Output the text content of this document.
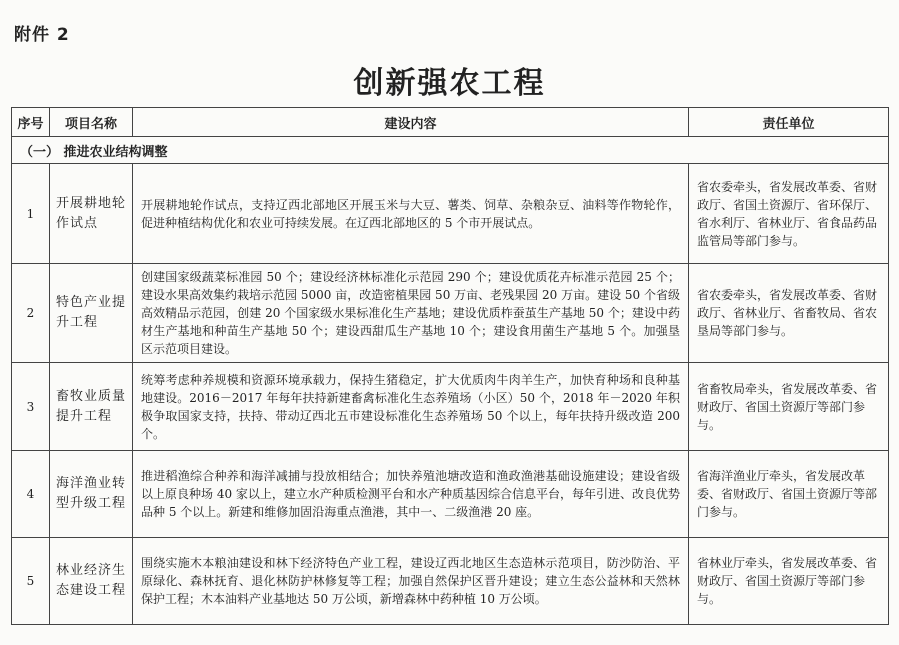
附件 2
创新强农工程
序号	项目名称	建设内容	责任单位
（一） 推进农业结构调整			
1	开展耕地轮作试点	开展耕地轮作试点，支持辽西北部地区开展玉米与大豆、薯类、饲草、杂粮杂豆、油料等作物轮作，促进种植结构优化和农业可持续发展。在辽西北部地区的 5 个市开展试点。	省农委牵头，省发展改革委、省财政厅、省国土资源厅、省环保厅、省水利厅、省林业厅、省食品药品监管局等部门参与。
2	特色产业提升工程	创建国家级蔬菜标准园 50 个；建设经济林标准化示范园 290 个；建设优质花卉标准示范园 25 个；建设水果高效集约栽培示范园 5000 亩，改造密植果园 50 万亩、老残果园 20 万亩。建设 50 个省级高效精品示范园，创建 20 个国家级水果标准化生产基地；建设优质柞蚕茧生产基地 50 个；建设中药材生产基地和种苗生产基地 50 个；建设西甜瓜生产基地 10 个；建设食用菌生产基地 5 个。加强垦区示范项目建设。	省农委牵头，省发展改革委、省财政厅、省林业厅、省畜牧局、省农垦局等部门参与。
3	畜牧业质量提升工程	统筹考虑种养规模和资源环境承载力，保持生猪稳定，扩大优质肉牛肉羊生产，加快育种场和良种基地建设。2016－2017 年每年扶持新建畜禽标准化生态养殖场（小区）50 个，2018 年－2020 年积极争取国家支持，扶持、带动辽西北五市建设标准化生态养殖场 50 个以上，每年扶持升级改造 200 个。	省畜牧局牵头，省发展改革委、省财政厅、省国土资源厅等部门参与。
4	海洋渔业转型升级工程	推进稻渔综合种养和海洋减捕与投放相结合；加快养殖池塘改造和渔政渔港基础设施建设；建设省级以上原良种场 40 家以上，建立水产种质检测平台和水产种质基因综合信息平台，每年引进、改良优势品种 5 个以上。新建和维修加固沿海重点渔港，其中一、二级渔港 20 座。	省海洋渔业厅牵头，省发展改革委、省财政厅、省国土资源厅等部门参与。
5	林业经济生态建设工程	围绕实施木本粮油建设和林下经济特色产业工程，建设辽西北地区生态造林示范项目，防沙防治、平原绿化、森林抚育、退化林防护林修复等工程；加强自然保护区晋升建设；建立生态公益林和天然林保护工程；木本油料产业基地达 50 万公顷，新增森林中药种植 10 万公顷。	省林业厅牵头，省发展改革委、省财政厅、省国土资源厅等部门参与。
